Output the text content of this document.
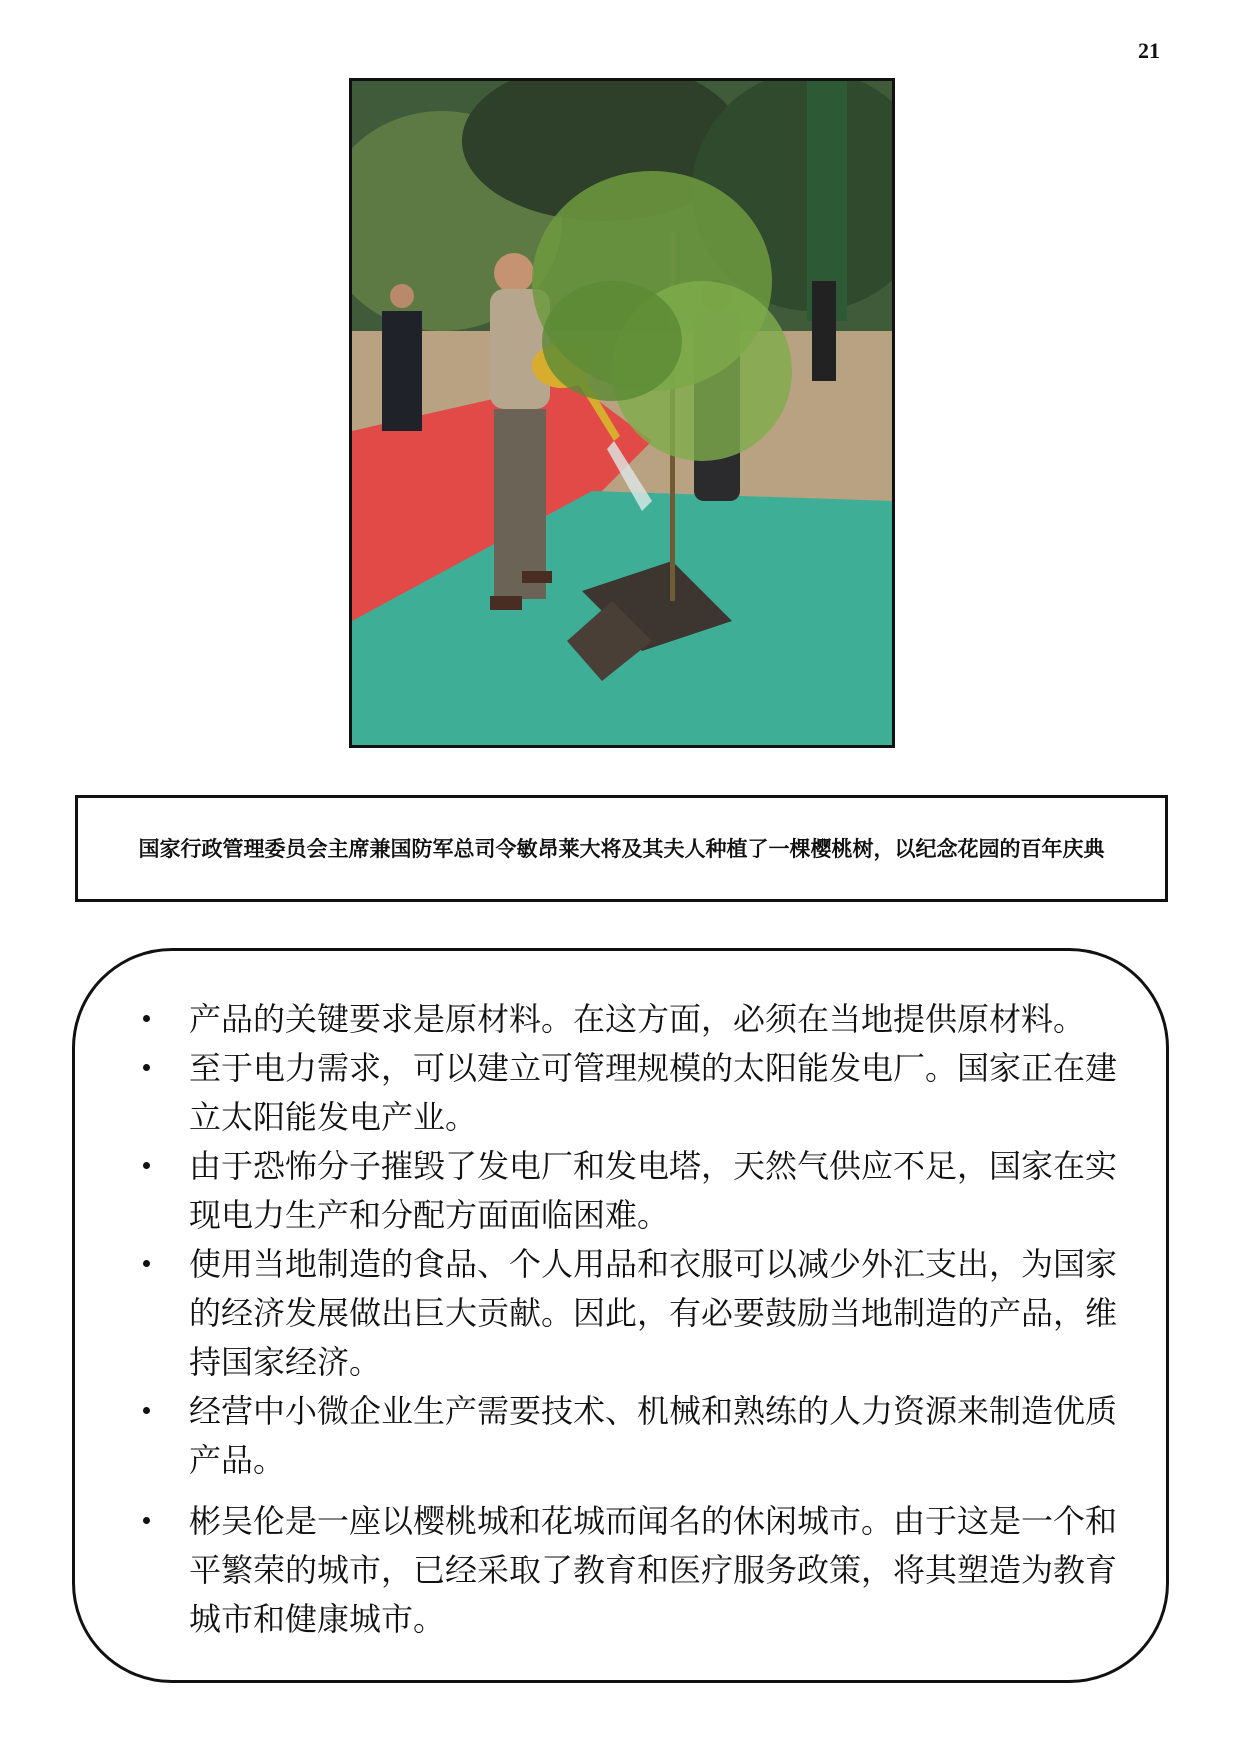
21
国家行政管理委员会主席兼国防军总司令敏昂莱大将及其夫人种植了一棵樱桃树，以纪念花园的百年庆典
产品的关键要求是原材料。在这方面，必须在当地提供原材料。
至于电力需求，可以建立可管理规模的太阳能发电厂。国家正在建立太阳能发电产业。
由于恐怖分子摧毁了发电厂和发电塔，天然气供应不足，国家在实现电力生产和分配方面面临困难。
使用当地制造的食品、个人用品和衣服可以减少外汇支出，为国家的经济发展做出巨大贡献。因此，有必要鼓励当地制造的产品，维持国家经济。
经营中小微企业生产需要技术、机械和熟练的人力资源来制造优质产品。
彬吴伦是一座以樱桃城和花城而闻名的休闲城市。由于这是一个和平繁荣的城市，已经采取了教育和医疗服务政策，将其塑造为教育城市和健康城市。
